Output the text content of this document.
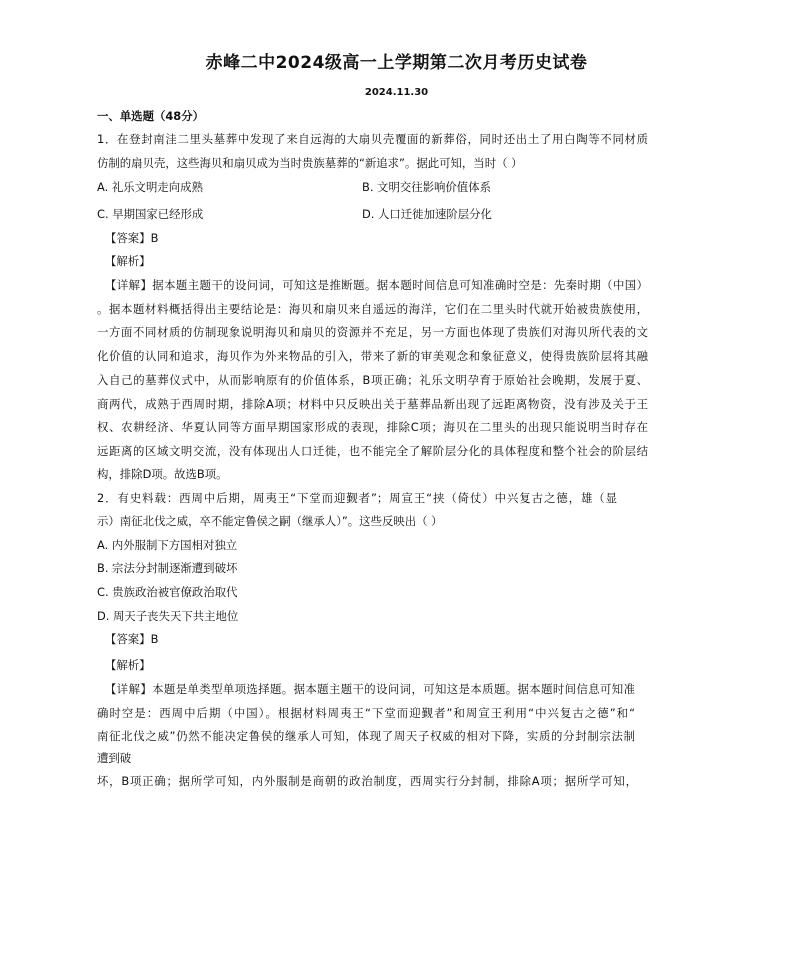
赤峰二中2024级高一上学期第二次月考历史试卷
2024.11.30
一、单选题（48分）
1．在登封南洼二里头墓葬中发现了来自远海的大扇贝壳覆面的新葬俗，同时还出土了用白陶等不同材质
仿制的扇贝壳，这些海贝和扇贝成为当时贵族墓葬的“新追求”。据此可知，当时（ ）
A. 礼乐文明走向成熟	B. 文明交往影响价值体系
C. 早期国家已经形成	D. 人口迁徙加速阶层分化
【答案】B
【解析】
【详解】据本题主题干的设问词，可知这是推断题。据本题时间信息可知准确时空是：先秦时期（中国）
。据本题材料概括得出主要结论是：海贝和扇贝来自遥远的海洋，它们在二里头时代就开始被贵族使用，
一方面不同材质的仿制现象说明海贝和扇贝的资源并不充足，另一方面也体现了贵族们对海贝所代表的文
化价值的认同和追求，海贝作为外来物品的引入，带来了新的审美观念和象征意义，使得贵族阶层将其融
入自己的墓葬仪式中，从而影响原有的价值体系，B项正确；礼乐文明孕育于原始社会晚期，发展于夏、
商两代，成熟于西周时期，排除A项；材料中只反映出关于墓葬品新出现了远距离物资，没有涉及关于王
权、农耕经济、华夏认同等方面早期国家形成的表现，排除C项；海贝在二里头的出现只能说明当时存在
远距离的区域文明交流，没有体现出人口迁徙，也不能完全了解阶层分化的具体程度和整个社会的阶层结
构，排除D项。故选B项。
2．有史料载：西周中后期，周夷王“下堂而迎觐者”；周宣王“挟（倚仗）中兴复古之德，雄（显
示）南征北伐之威，卒不能定鲁侯之嗣（继承人）”。这些反映出（ ）
A. 内外服制下方国相对独立
B. 宗法分封制逐渐遭到破坏
C. 贵族政治被官僚政治取代
D. 周天子丧失天下共主地位
【答案】B
【解析】
【详解】本题是单类型单项选择题。据本题主题干的设问词，可知这是本质题。据本题时间信息可知准
确时空是：西周中后期（中国）。根据材料周夷王“下堂而迎觐者”和周宣王利用“中兴复古之德”和“
南征北伐之威”仍然不能决定鲁侯的继承人可知，体现了周天子权威的相对下降，实质的分封制宗法制
遭到破
坏，B项正确；据所学可知，内外服制是商朝的政治制度，西周实行分封制，排除A项；据所学可知，
